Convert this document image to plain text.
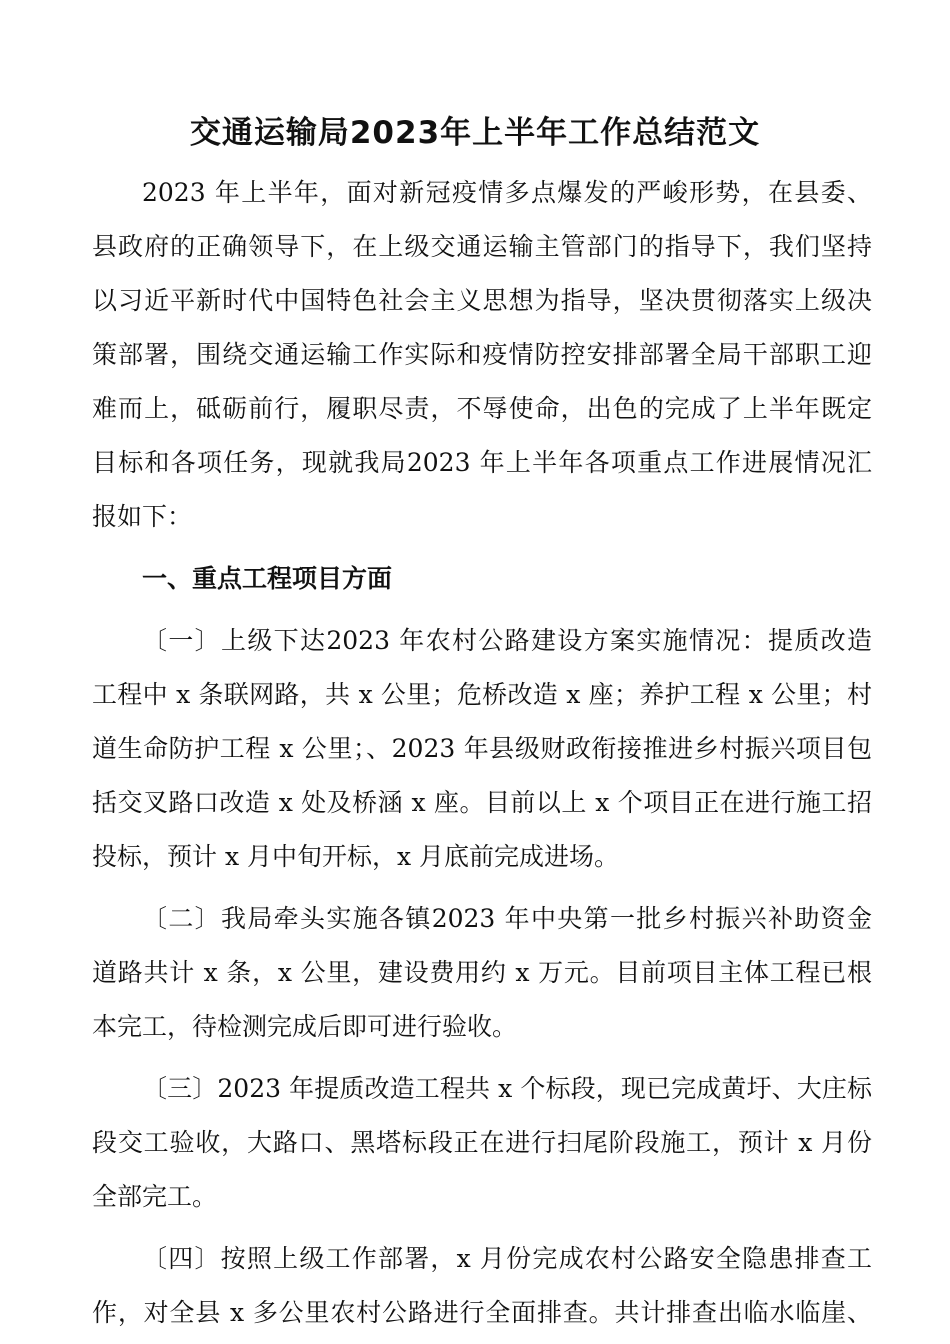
交通运输局2023年上半年工作总结范文
2023 年上半年，面对新冠疫情多点爆发的严峻形势，在县委、
县政府的正确领导下，在上级交通运输主管部门的指导下，我们坚持
以习近平新时代中国特色社会主义思想为指导，坚决贯彻落实上级决
策部署，围绕交通运输工作实际和疫情防控安排部署全局干部职工迎
难而上，砥砺前行，履职尽责，不辱使命，出色的完成了上半年既定
目标和各项任务，现就我局2023 年上半年各项重点工作进展情况汇
报如下：
一、重点工程项目方面
〔一〕上级下达2023 年农村公路建设方案实施情况：提质改造
工程中 x 条联网路，共 x 公里；危桥改造 x 座；养护工程 x 公里；村
道生命防护工程 x 公里；、2023 年县级财政衔接推进乡村振兴项目包
括交叉路口改造 x 处及桥涵 x 座。目前以上 x 个项目正在进行施工招
投标，预计 x 月中旬开标，x 月底前完成进场。
〔二〕我局牵头实施各镇2023 年中央第一批乡村振兴补助资金
道路共计 x 条，x 公里，建设费用约 x 万元。目前项目主体工程已根
本完工，待检测完成后即可进行验收。
〔三〕2023 年提质改造工程共 x 个标段，现已完成黄圩、大庄标
段交工验收，大路口、黑塔标段正在进行扫尾阶段施工，预计 x 月份
全部完工。
〔四〕按照上级工作部署，x 月份完成农村公路安全隐患排查工
作，对全县 x 多公里农村公路进行全面排查。共计排查出临水临崖、
